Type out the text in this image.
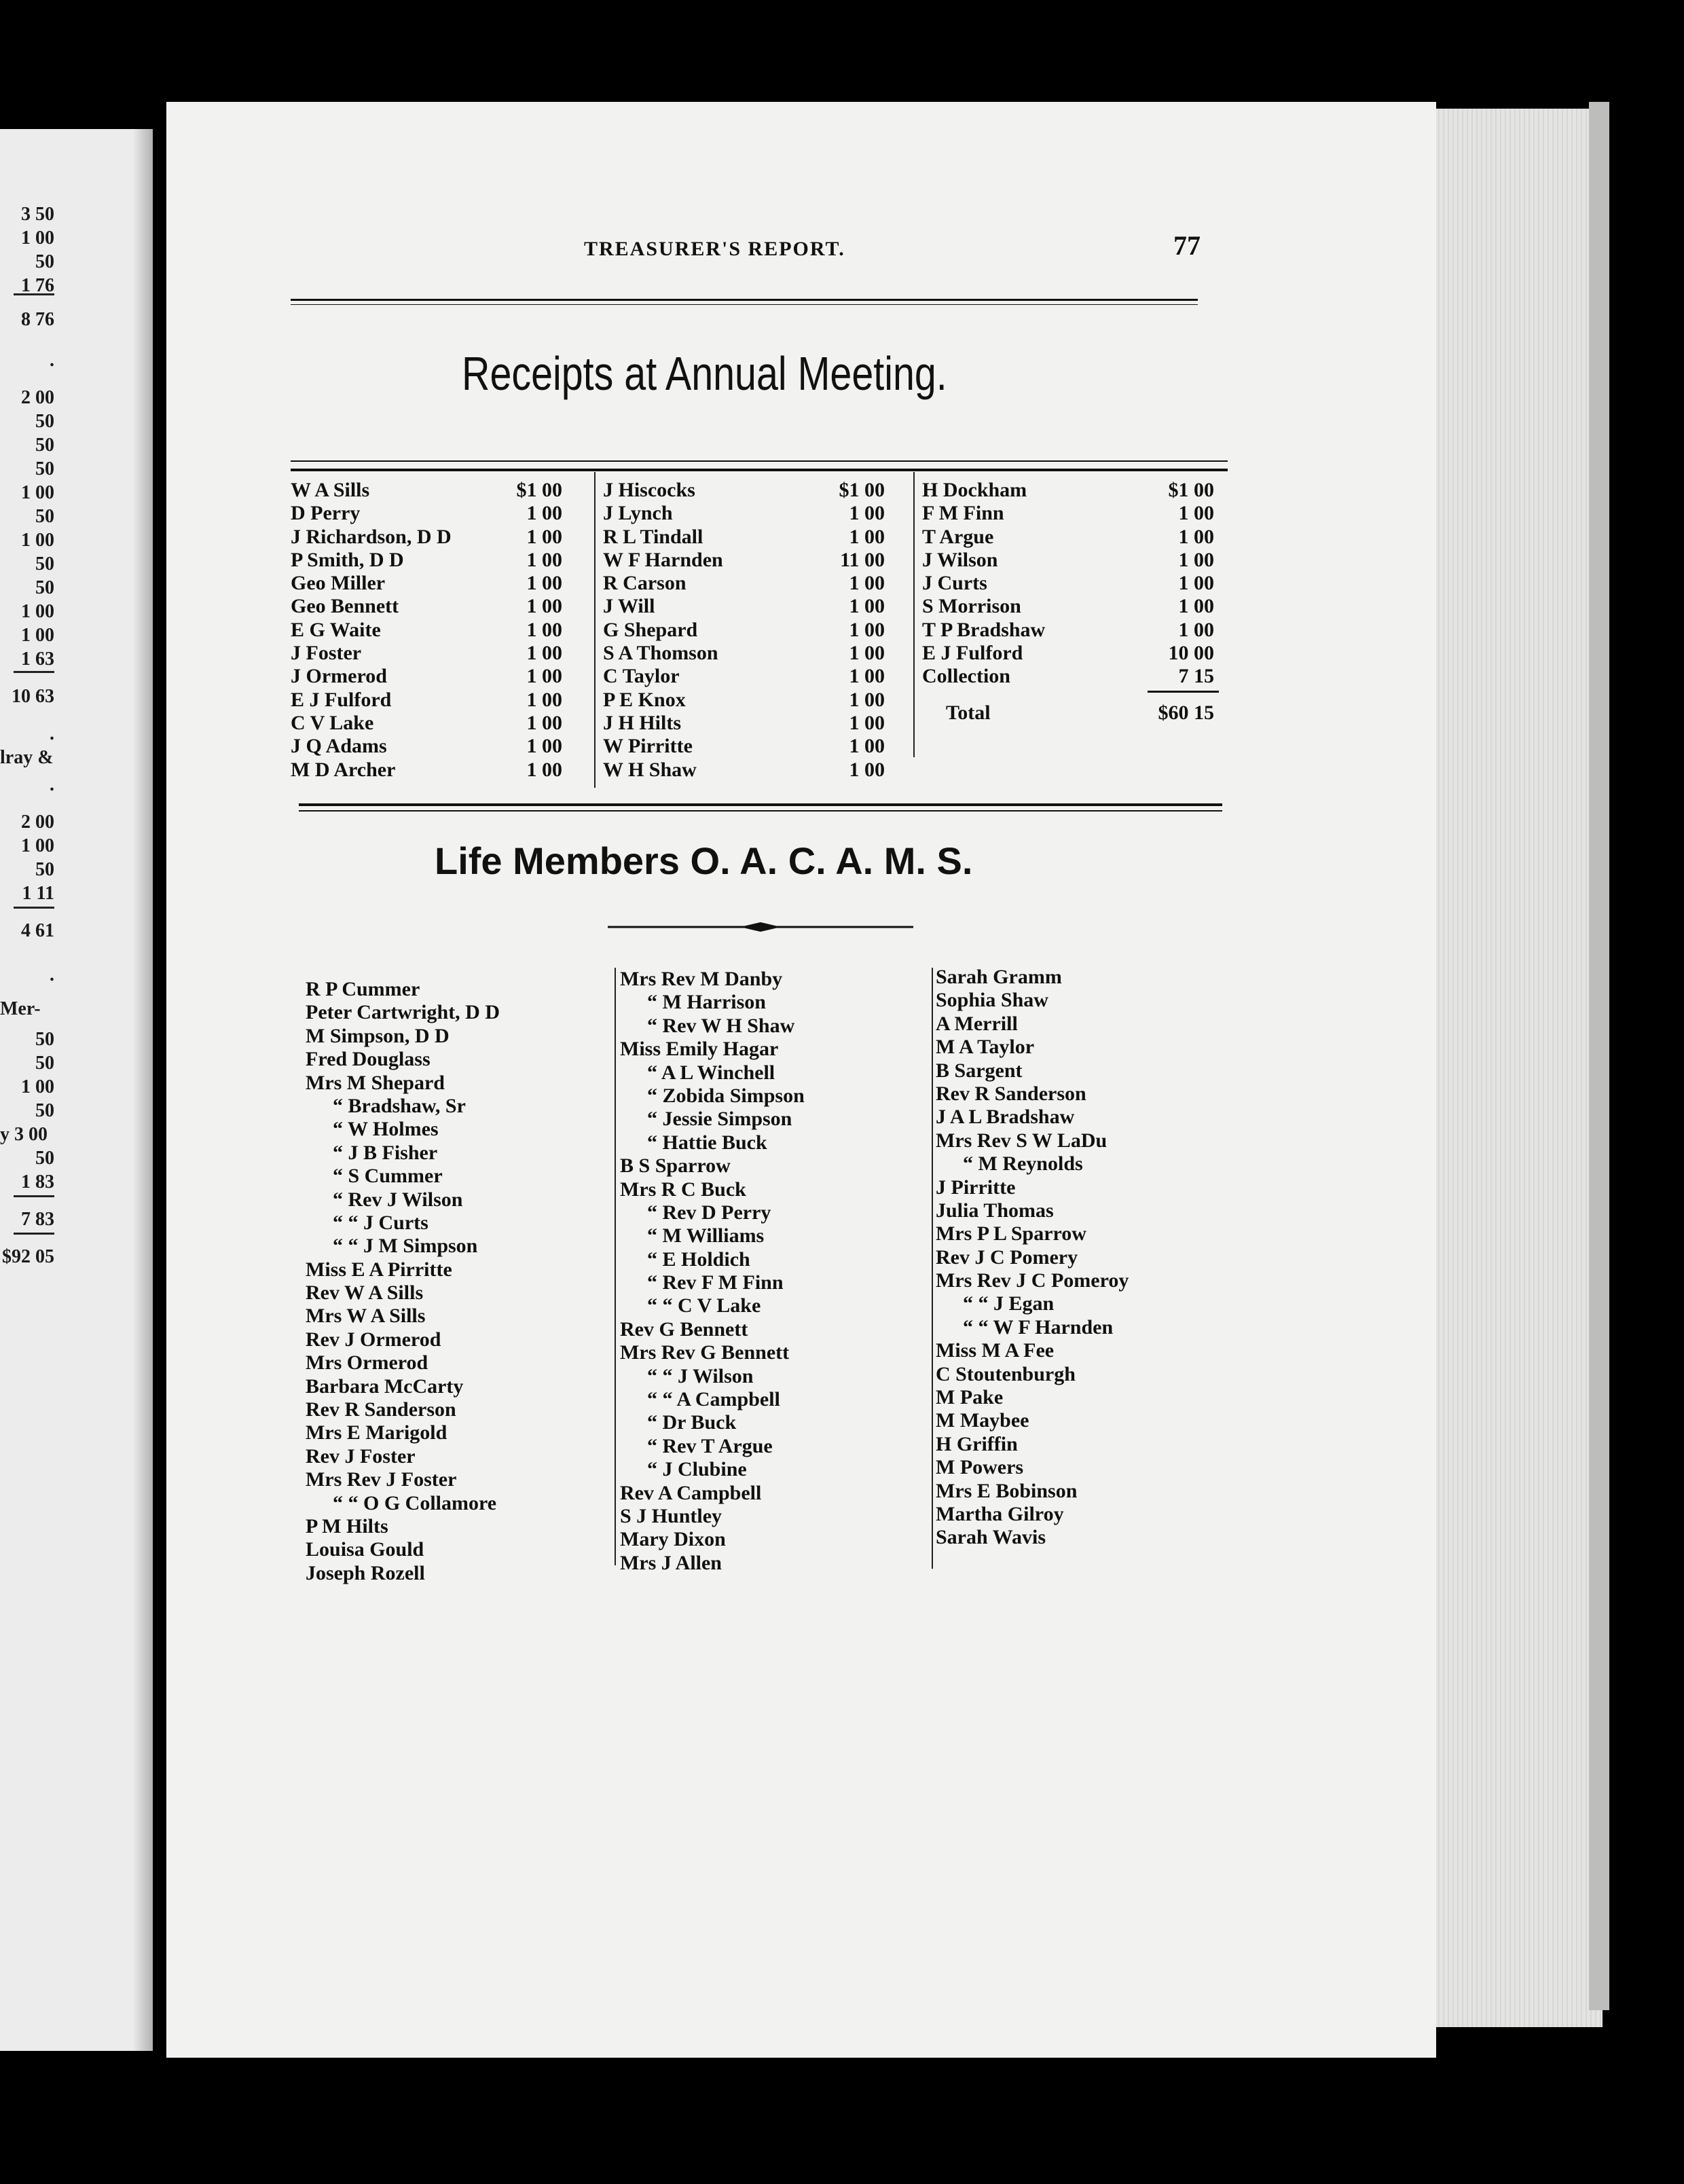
3 50
1 00
50
1 76
8 76
.
2 00
50
50
50
1 00
50
1 00
50
50
1 00
1 00
1 63
10 63
.
lray &
.
2 00
1 00
50
1 11
4 61
.
Mer-
50
50
1 00
50
y 3 00
50
1 83
7 83
$92 05
TREASURER'S REPORT.	77
Receipts at Annual Meeting.
W A Sills	$1 00
D Perry	1 00
J Richardson, D D	1 00
P Smith, D D	1 00
Geo Miller	1 00
Geo Bennett	1 00
E G Waite	1 00
J Foster	1 00
J Ormerod	1 00
E J Fulford	1 00
C V Lake	1 00
J Q Adams	1 00
M D Archer	1 00
J Hiscocks	$1 00
J Lynch	1 00
R L Tindall	1 00
W F Harnden	11 00
R Carson	1 00
J Will	1 00
G Shepard	1 00
S A Thomson	1 00
C Taylor	1 00
P E Knox	1 00
J H Hilts	1 00
W Pirritte	1 00
W H Shaw	1 00
H Dockham	$1 00
F M Finn	1 00
T Argue	1 00
J Wilson	1 00
J Curts	1 00
S Morrison	1 00
T P Bradshaw	1 00
E J Fulford	10 00
Collection	7 15
Total	$60 15
Life Members O. A. C. A. M. S.
R P Cummer
Peter Cartwright, D D
M Simpson, D D
Fred Douglass
Mrs M Shepard
“ Bradshaw, Sr
“ W Holmes
“ J B Fisher
“ S Cummer
“ Rev J Wilson
“ “ J Curts
“ “ J M Simpson
Miss E A Pirritte
Rev W A Sills
Mrs W A Sills
Rev J Ormerod
Mrs Ormerod
Barbara McCarty
Rev R Sanderson
Mrs E Marigold
Rev J Foster
Mrs Rev J Foster
“ “ O G Collamore
P M Hilts
Louisa Gould
Joseph Rozell
Mrs Rev M Danby
“ M Harrison
“ Rev W H Shaw
Miss Emily Hagar
“ A L Winchell
“ Zobida Simpson
“ Jessie Simpson
“ Hattie Buck
B S Sparrow
Mrs R C Buck
“ Rev D Perry
“ M Williams
“ E Holdich
“ Rev F M Finn
“ “ C V Lake
Rev G Bennett
Mrs Rev G Bennett
“ “ J Wilson
“ “ A Campbell
“ Dr Buck
“ Rev T Argue
“ J Clubine
Rev A Campbell
S J Huntley
Mary Dixon
Mrs J Allen
Sarah Gramm
Sophia Shaw
A Merrill
M A Taylor
B Sargent
Rev R Sanderson
J A L Bradshaw
Mrs Rev S W LaDu
“ M Reynolds
J Pirritte
Julia Thomas
Mrs P L Sparrow
Rev J C Pomery
Mrs Rev J C Pomeroy
“ “ J Egan
“ “ W F Harnden
Miss M A Fee
C Stoutenburgh
M Pake
M Maybee
H Griffin
M Powers
Mrs E Bobinson
Martha Gilroy
Sarah Wavis
